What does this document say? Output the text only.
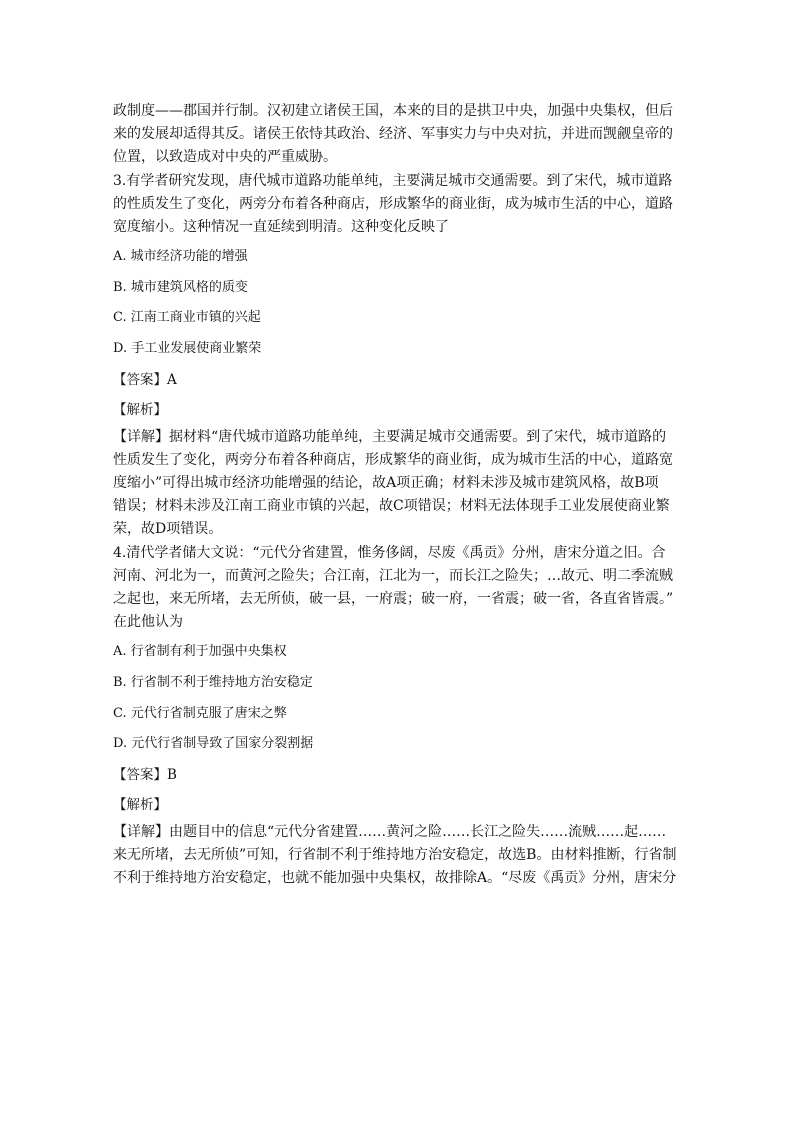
政制度——郡国并行制。汉初建立诸侯王国，本来的目的是拱卫中央，加强中央集权，但后
来的发展却适得其反。诸侯王依恃其政治、经济、军事实力与中央对抗，并进而觊觎皇帝的
位置，以致造成对中央的严重威胁。
3.有学者研究发现，唐代城市道路功能单纯，主要满足城市交通需要。到了宋代，城市道路
的性质发生了变化，两旁分布着各种商店，形成繁华的商业街，成为城市生活的中心，道路
宽度缩小。这种情况一直延续到明清。这种变化反映了
A. 城市经济功能的增强
B. 城市建筑风格的质变
C. 江南工商业市镇的兴起
D. 手工业发展使商业繁荣
【答案】A
【解析】
【详解】据材料“唐代城市道路功能单纯，主要满足城市交通需要。到了宋代，城市道路的
性质发生了变化，两旁分布着各种商店，形成繁华的商业街，成为城市生活的中心，道路宽
度缩小”可得出城市经济功能增强的结论，故A项正确；材料未涉及城市建筑风格，故B项
错误；材料未涉及江南工商业市镇的兴起，故C项错误；材料无法体现手工业发展使商业繁
荣，故D项错误。
4.清代学者储大文说：“元代分省建置，惟务侈阔，尽废《禹贡》分州，唐宋分道之旧。合
河南、河北为一，而黄河之险失；合江南，江北为一，而长江之险失；…故元、明二季流贼
之起也，来无所堵，去无所侦，破一县，一府震；破一府，一省震；破一省，各直省皆震。”
在此他认为
A. 行省制有利于加强中央集权
B. 行省制不利于维持地方治安稳定
C. 元代行省制克服了唐宋之弊
D. 元代行省制导致了国家分裂割据
【答案】B
【解析】
【详解】由题目中的信息“元代分省建置……黄河之险……长江之险失……流贼……起……
来无所堵，去无所侦”可知，行省制不利于维持地方治安稳定，故选B。由材料推断，行省制
不利于维持地方治安稳定，也就不能加强中央集权，故排除A。“尽废《禹贡》分州，唐宋分
